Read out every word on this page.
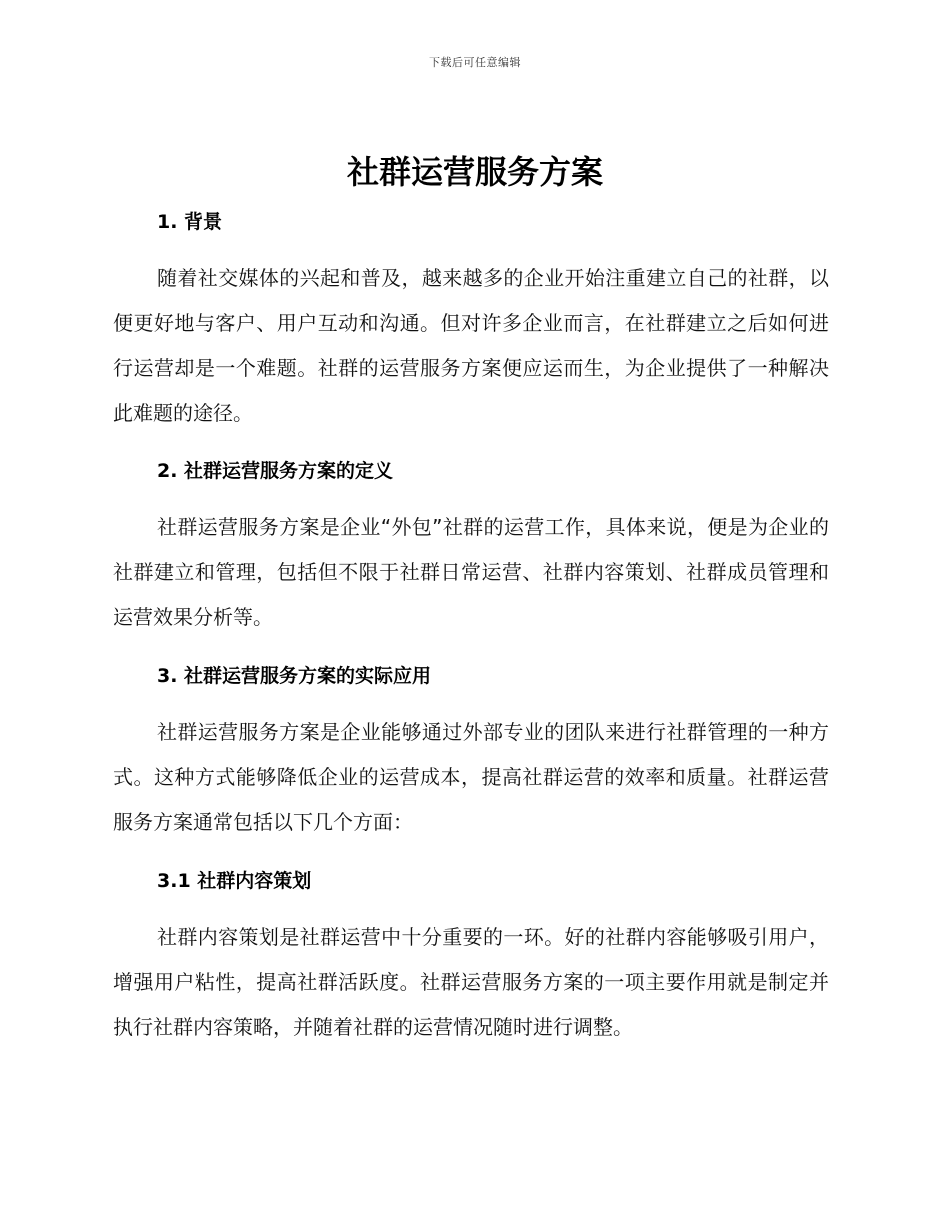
下载后可任意编辑
社群运营服务方案
1. 背景

随着社交媒体的兴起和普及，越来越多的企业开始注重建立自己的社群，以便更好地与客户、用户互动和沟通。但对许多企业而言，在社群建立之后如何进行运营却是一个难题。社群的运营服务方案便应运而生，为企业提供了一种解决此难题的途径。

2. 社群运营服务方案的定义

社群运营服务方案是企业“外包”社群的运营工作，具体来说，便是为企业的社群建立和管理，包括但不限于社群日常运营、社群内容策划、社群成员管理和运营效果分析等。

3. 社群运营服务方案的实际应用

社群运营服务方案是企业能够通过外部专业的团队来进行社群管理的一种方式。这种方式能够降低企业的运营成本，提高社群运营的效率和质量。社群运营服务方案通常包括以下几个方面：

3.1 社群内容策划

社群内容策划是社群运营中十分重要的一环。好的社群内容能够吸引用户，增强用户粘性，提高社群活跃度。社群运营服务方案的一项主要作用就是制定并执行社群内容策略，并随着社群的运营情况随时进行调整。
